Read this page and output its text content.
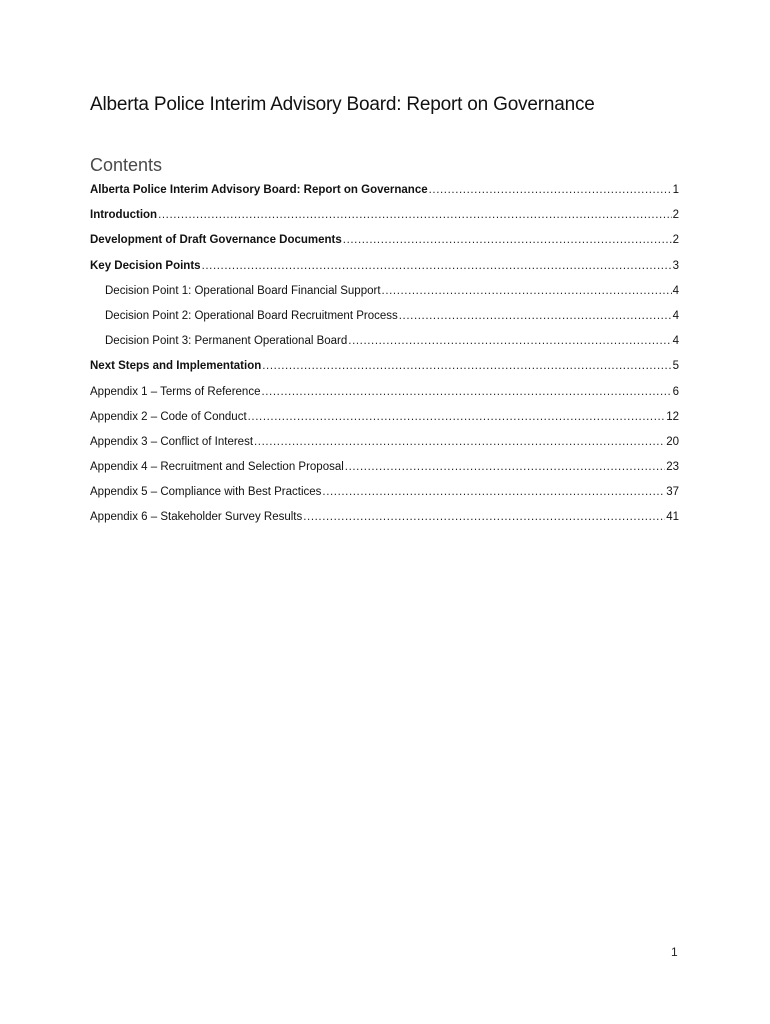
Alberta Police Interim Advisory Board: Report on Governance
Contents
Alberta Police Interim Advisory Board: Report on Governance .....	1
Introduction .....	2
Development of Draft Governance Documents .....	2
Key Decision Points .....	3
Decision Point 1: Operational Board Financial Support .....	4
Decision Point 2: Operational Board Recruitment Process .....	4
Decision Point 3: Permanent Operational Board .....	4
Next Steps and Implementation .....	5
Appendix 1 – Terms of Reference .....	6
Appendix 2 – Code of Conduct .....	12
Appendix 3 – Conflict of Interest .....	20
Appendix 4 – Recruitment and Selection Proposal .....	23
Appendix 5 – Compliance with Best Practices .....	37
Appendix 6 – Stakeholder Survey Results .....	41
1
